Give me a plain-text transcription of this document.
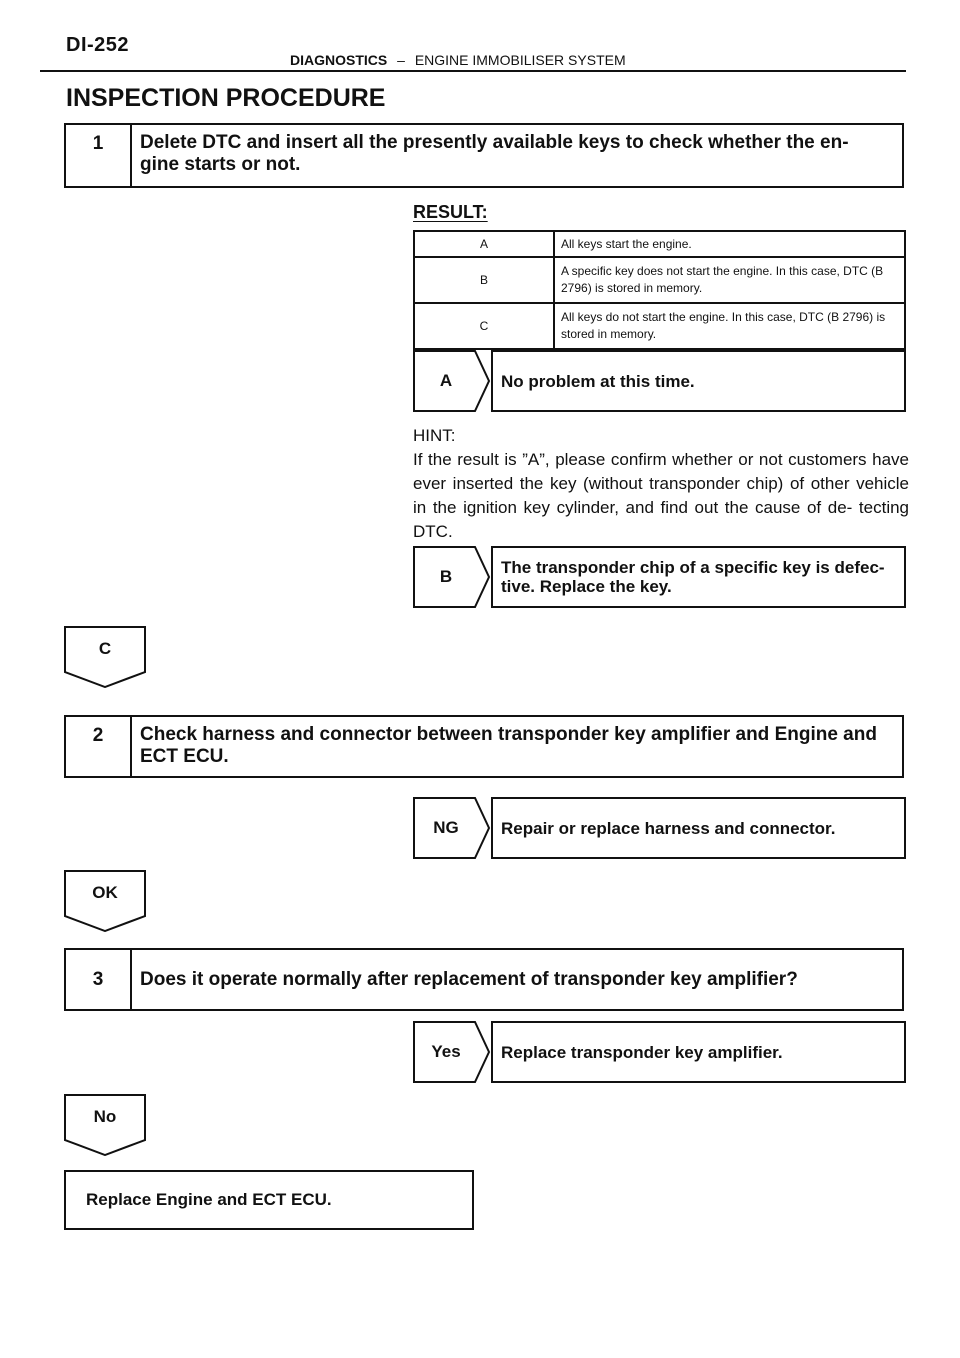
DI-252
DIAGNOSTICS – ENGINE IMMOBILISER SYSTEM
INSPECTION PROCEDURE
1	Delete DTC and insert all the presently available keys to check whether the en- gine starts or not.
RESULT:
A	All keys start the engine.
B	A specific key does not start the engine. In this case, DTC (B 2796) is stored in memory.
C	All keys do not start the engine. In this case, DTC (B 2796) is stored in memory.
A	No problem at this time.
HINT:
If the result is ”A”, please confirm whether or not customers have ever inserted the key (without transponder chip) of other vehicle in the ignition key cylinder, and find out the cause of de- tecting DTC.
B	The transponder chip of a specific key is defec- tive. Replace the key.
C
2	Check harness and connector between transponder key amplifier and Engine and ECT ECU.
NG	Repair or replace harness and connector.
OK
3	Does it operate normally after replacement of transponder key amplifier?
Yes	Replace transponder key amplifier.
No
Replace Engine and ECT ECU.
